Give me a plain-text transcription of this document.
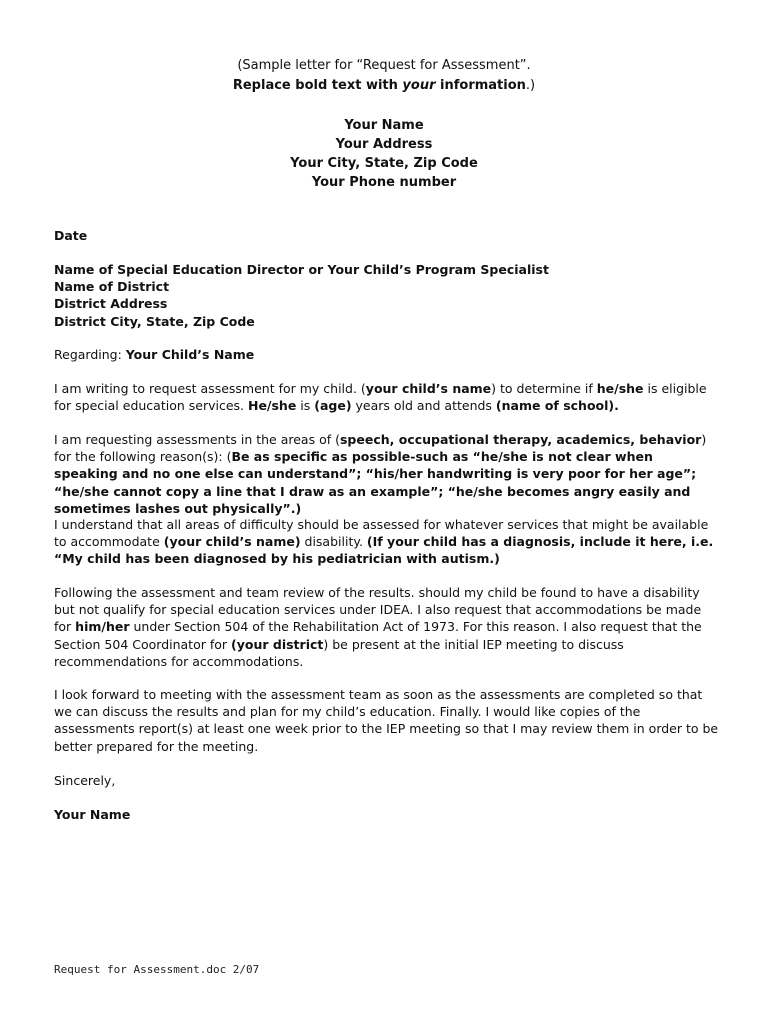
(Sample letter for “Request for Assessment”.
Replace bold text with your information.)
Your Name
Your Address
Your City, State, Zip Code
Your Phone number
Date
Name of Special Education Director or Your Child’s Program Specialist
Name of District
District Address
District City, State, Zip Code
Regarding: Your Child’s Name
I am writing to request assessment for my child. (your child’s name) to determine if he/she is eligible for special education services. He/she is (age) years old and attends (name of school).
I am requesting assessments in the areas of (speech, occupational therapy, academics, behavior) for the following reason(s): (Be as specific as possible-such as “he/she is not clear when speaking and no one else can understand”; “his/her handwriting is very poor for her age”; “he/she cannot copy a line that I draw as an example”; “he/she becomes angry easily and sometimes lashes out physically”.)
I understand that all areas of difficulty should be assessed for whatever services that might be available to accommodate (your child’s name) disability. (If your child has a diagnosis, include it here, i.e. “My child has been diagnosed by his pediatrician with autism.)
Following the assessment and team review of the results. should my child be found to have a disability but not qualify for special education services under IDEA. I also request that accommodations be made for him/her under Section 504 of the Rehabilitation Act of 1973. For this reason. I also request that the Section 504 Coordinator for (your district) be present at the initial IEP meeting to discuss recommendations for accommodations.
I look forward to meeting with the assessment team as soon as the assessments are completed so that we can discuss the results and plan for my child’s education. Finally. I would like copies of the assessments report(s) at least one week prior to the IEP meeting so that I may review them in order to be better prepared for the meeting.
Sincerely,
Your Name
Request for Assessment.doc 2/07
